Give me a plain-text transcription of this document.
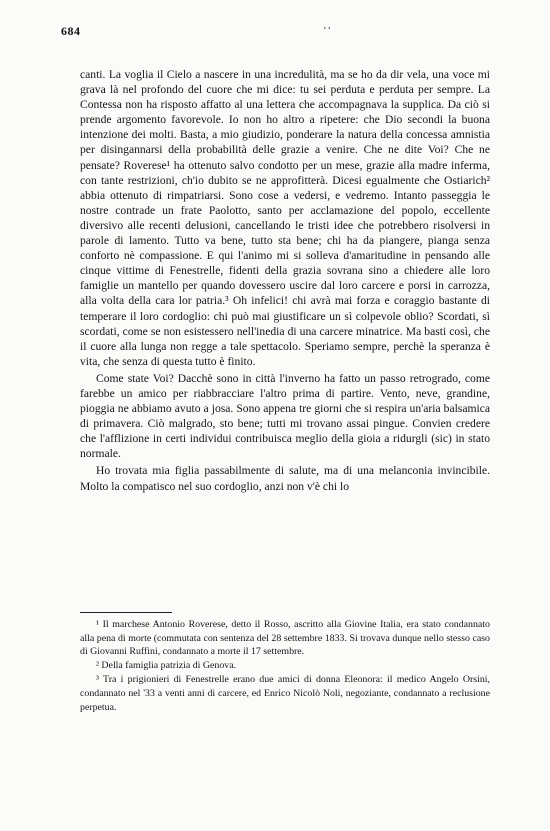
684	' '

canti. La voglia il Cielo a nascere in una incredulità, ma se ho da dir vela, una voce mi grava là nel profondo del cuore che mi dice: tu sei perduta e perduta per sempre. La Contessa non ha risposto affatto al una lettera che accompagnava la supplica. Da ciò si prende argomento favorevole. Io non ho altro a ripetere: che Dio secondi la buona intenzione dei molti. Basta, a mio giudizio, ponderare la natura della concessa amnistia per disingannarsi della probabilità delle grazie a venire. Che ne dite Voi? Che ne pensate? Roverese¹ ha ottenuto salvo condotto per un mese, grazie alla madre inferma, con tante restrizioni, ch'io dubito se ne approfitterà. Dicesi egualmente che Ostiarich² abbia ottenuto di rimpatriarsi. Sono cose a vedersi, e vedremo. Intanto passeggia le nostre contrade un frate Paolotto, santo per acclamazione del popolo, eccellente diversivo alle recenti delusioni, cancellando le tristi idee che potrebbero risolversi in parole di lamento. Tutto va bene, tutto sta bene; chi ha da piangere, pianga senza conforto nè compassione. E qui l'animo mi si solleva d'amaritudine in pensando alle cinque vittime di Fenestrelle, fidenti della grazia sovrana sino a chiedere alle loro famiglie un mantello per quando dovessero uscire dal loro carcere e porsi in carrozza, alla volta della cara lor patria.³ Oh infelici! chi avrà mai forza e coraggio bastante di temperare il loro cordoglio: chi può mai giustificare un sì colpevole oblio? Scordati, sì scordati, come se non esistessero nell'inedia di una carcere minatrice. Ma basti così, che il cuore alla lunga non regge a tale spettacolo. Speriamo sempre, perchè la speranza è vita, che senza di questa tutto è finito.

Come state Voi? Dacchè sono in città l'inverno ha fatto un passo retrogrado, come farebbe un amico per riabbracciare l'altro prima di partire. Vento, neve, grandine, pioggia ne abbiamo avuto a josa. Sono appena tre giorni che si respira un'aria balsamica di primavera. Ciò malgrado, sto bene; tutti mi trovano assai pingue. Convien credere che l'afflizione in certi individui contribuisca meglio della gioia a ridurgli (sic) in stato normale.

Ho trovata mia figlia passabilmente di salute, ma di una melanconia invincibile. Molto la compatisco nel suo cordoglio, anzi non v'è chi lo

¹ Il marchese Antonio Roverese, detto il Rosso, ascritto alla Giovine Italia, era stato condannato alla pena di morte (commutata con sentenza del 28 settembre 1833. Si trovava dunque nello stesso caso di Giovanni Ruffini, condannato a morte il 17 settembre.

² Della famiglia patrizia di Genova.

³ Tra i prigionieri di Fenestrelle erano due amici di donna Eleonora: il medico Angelo Orsini, condannato nel '33 a venti anni di carcere, ed Enrico Nicolò Noli, negoziante, condannato a reclusione perpetua.
